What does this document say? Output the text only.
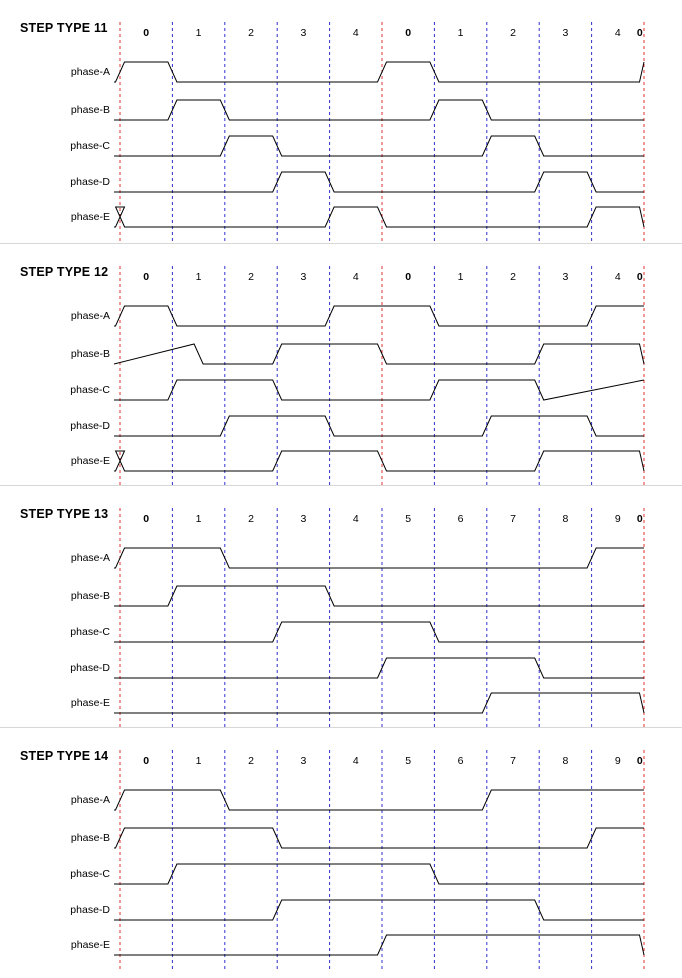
STEP TYPE 11	0	1	2	3	4	0	1	2	3	4 0
phase-A
phase-B
phase-C
phase-D
phase-E
STEP TYPE 12	0	1	2	3	4	0	1	2	3	4 0
phase-A
phase-B
phase-C
phase-D
phase-E
STEP TYPE 13	0	1	2	3	4	5	6	7	8	9 0
phase-A
phase-B
phase-C
phase-D
phase-E
STEP TYPE 14	0	1	2	3	4	5	6	7	8	9 0
phase-A
phase-B
phase-C
phase-D
phase-E
